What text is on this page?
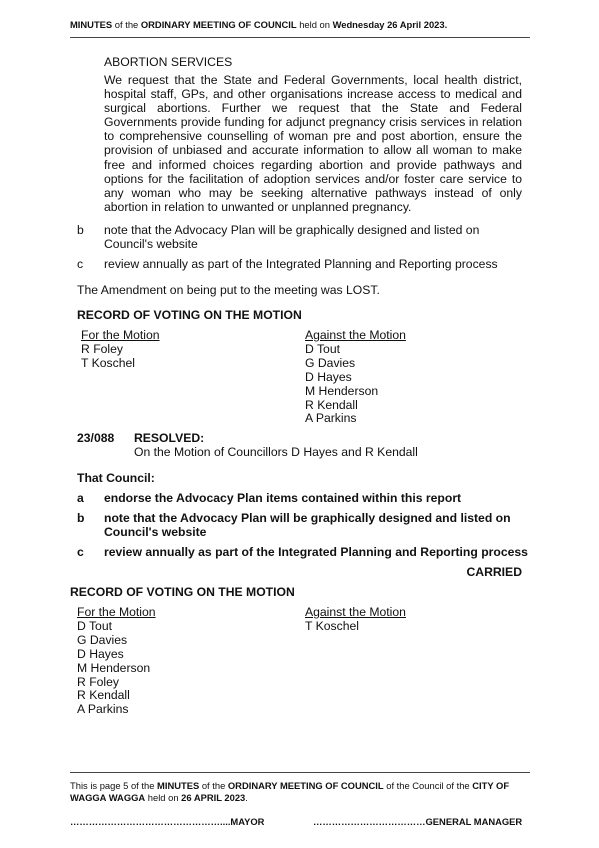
MINUTES of the ORDINARY MEETING OF COUNCIL held on Wednesday 26 April 2023.
ABORTION SERVICES
We request that the State and Federal Governments, local health district, hospital staff, GPs, and other organisations increase access to medical and surgical abortions. Further we request that the State and Federal Governments provide funding for adjunct pregnancy crisis services in relation to comprehensive counselling of woman pre and post abortion, ensure the provision of unbiased and accurate information to allow all woman to make free and informed choices regarding abortion and provide pathways and options for the facilitation of adoption services and/or foster care service to any woman who may be seeking alternative pathways instead of only abortion in relation to unwanted or unplanned pregnancy.
b note that the Advocacy Plan will be graphically designed and listed on Council's website
c review annually as part of the Integrated Planning and Reporting process
The Amendment on being put to the meeting was LOST.
RECORD OF VOTING ON THE MOTION
For the Motion
R Foley
T Koschel
Against the Motion
D Tout
G Davies
D Hayes
M Henderson
R Kendall
A Parkins
23/088 RESOLVED:
On the Motion of Councillors D Hayes and R Kendall
That Council:
a endorse the Advocacy Plan items contained within this report
b note that the Advocacy Plan will be graphically designed and listed on Council's website
c review annually as part of the Integrated Planning and Reporting process
CARRIED
RECORD OF VOTING ON THE MOTION
For the Motion
D Tout
G Davies
D Hayes
M Henderson
R Foley
R Kendall
A Parkins
Against the Motion
T Koschel
This is page 5 of the MINUTES of the ORDINARY MEETING OF COUNCIL of the Council of the CITY OF WAGGA WAGGA held on 26 APRIL 2023.
…………………………………………....MAYOR	………………………………GENERAL MANAGER
